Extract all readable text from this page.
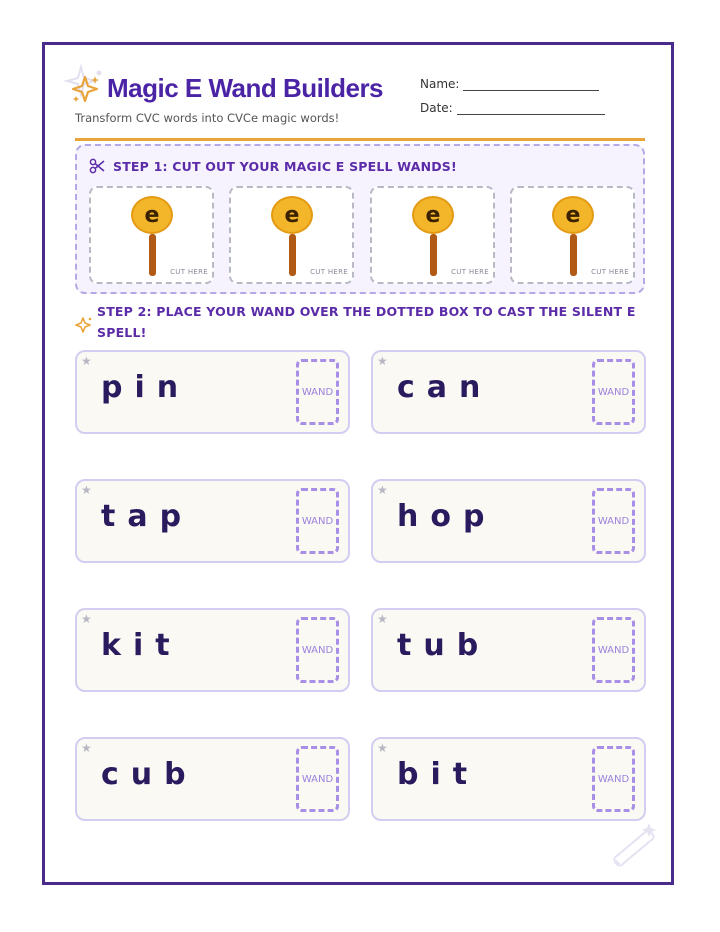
Magic E Wand Builders
Transform CVC words into CVCe magic words!
Name:
Date:
STEP 1: CUT OUT YOUR MAGIC E SPELL WANDS!
e
CUT HERE
e
CUT HERE
e
CUT HERE
e
CUT HERE
STEP 2: PLACE YOUR WAND OVER THE DOTTED BOX TO CAST THE SILENT E SPELL!
★
pin	WAND
★
can	WAND
★
tap	WAND
★
hop	WAND
★
kit	WAND
★
tub	WAND
★
cub	WAND
★
bit	WAND
